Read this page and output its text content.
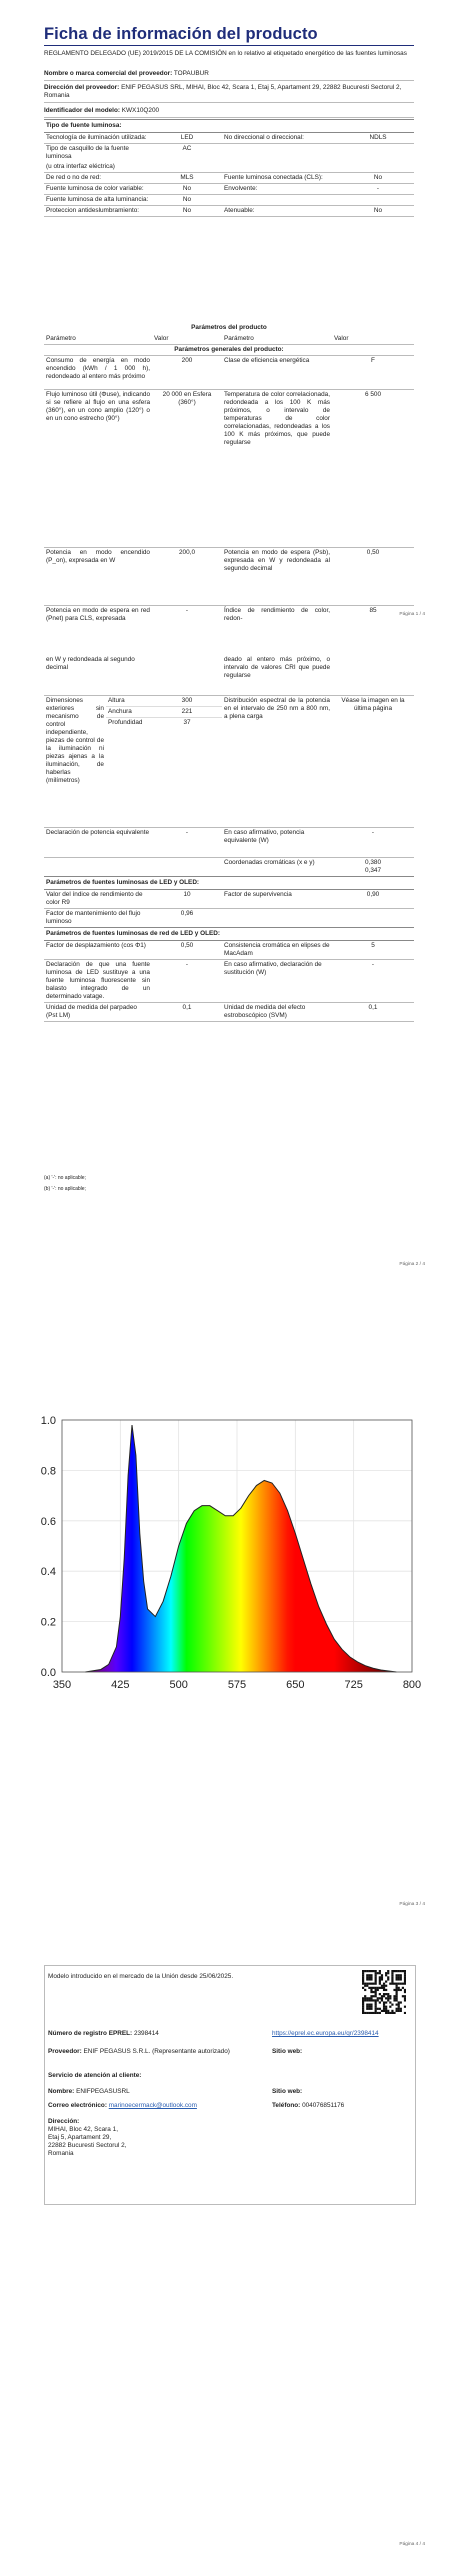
Ficha de información del producto
REGLAMENTO DELEGADO (UE) 2019/2015 DE LA COMISIÓN en lo relativo al etiquetado energético de las fuentes luminosas
Nombre o marca comercial del proveedor: TOPAUBUR
Dirección del proveedor: ENIF PEGASUS SRL, MIHAI, Bloc 42, Scara 1, Etaj 5, Apartament 29, 22882 Bucuresti Sectorul 2, Romania
Identificador del modelo: KWX10Q200
Tipo de fuente luminosa:
Tecnología de iluminación utilizada:	LED	No direccional o direccional:	NDLS
Tipo de casquillo de la fuente luminosa	AC		
(u otra interfaz eléctrica)			
De red o no de red:	MLS	Fuente luminosa conectada (CLS):	No
Fuente luminosa de color variable:	No	Envolvente:	-
Fuente luminosa de alta luminancia:	No		
Proteccion antideslumbramiento:	No	Atenuable:	No
Parámetros del producto
Parámetro	Valor	Parámetro	Valor
Parámetros generales del producto:			
Consumo de energía en modo encendido (kWh / 1 000 h), redondeado al entero más próximo	200	Clase de eficiencia energética	F
Flujo luminoso útil (Φuse), indicando si se refiere al flujo en una esfera (360°), en un cono amplio (120°) o en un cono estrecho (90°)	20 000 en Esfera (360°)	Temperatura de color correlacionada, redondeada a los 100 K más próximos, o intervalo de temperaturas de color correlacionadas, redondeadas a los 100 K más próximos, que puede regularse	6 500
Potencia en modo encendido (P_on), expresada en W	200,0	Potencia en modo de espera (Psb), expresada en W y redondeada al segundo decimal	0,50
Potencia en modo de espera en red (Pnet) para CLS, expresada	-	Índice de rendimiento de color, redon-	85
Página 1 / 4
en W y redondeada al segundo decimal			deado al entero más próximo, o intervalo de valores CRI que puede regularse	
Dimensiones exteriores sin mecanismo de control independiente, piezas de control de la iluminación ni piezas ajenas a la iluminación, de haberlas (milímetros)	Altura	300	Distribución espectral de la potencia en el intervalo de 250 nm a 800 nm, a plena carga	Véase la imagen en la última página
	Anchura	221		
	Profundidad	37		
Declaración de potencia equivalente		-	En caso afirmativo, potencia equivalente (W)	-
			Coordenadas cromáticas (x e y)	0,380
0,347

Parámetros de fuentes luminosas de LED y OLED:				
Valor del índice de rendimiento de color R9		10	Factor de supervivencia	0,90
Factor de mantenimiento del flujo luminoso		0,96		
Parámetros de fuentes luminosas de red de LED y OLED:				
Factor de desplazamiento (cos Φ1)		0,50	Consistencia cromática en elipses de MacAdam	5
Declaración de que una fuente luminosa de LED sustituye a una fuente luminosa fluorescente sin balasto integrado de un determinado vatage.		-	En caso afirmativo, declaración de sustitución (W)	-
Unidad de medida del parpadeo (Pst LM)		0,1	Unidad de medida del efecto estroboscópico (SVM)	0,1
(a) '-': no aplicable;
(b) '-': no aplicable;
Página 2 / 4
350	425	500	575	650	725	800
0.0
0.2
0.4
0.6
0.8
1.0
Página 3 / 4
Modelo introducido en el mercado de la Unión desde 25/06/2025.
Número de registro EPREL: 2398414	https://eprel.ec.europa.eu/qr/2398414
Proveedor: ENIF PEGASUS S.R.L. (Representante autorizado)	Sitio web:
Servicio de atención al cliente:
Nombre: ENIFPEGASUSRL	Sitio web:
Correo electrónico: marinoecermack@outlook.com	Teléfono: 004076851176
Dirección:
MIHAI, Bloc 42, Scara 1,
Etaj 5, Apartament 29,
22882 Bucuresti Sectorul 2,
Romania
Página 4 / 4
